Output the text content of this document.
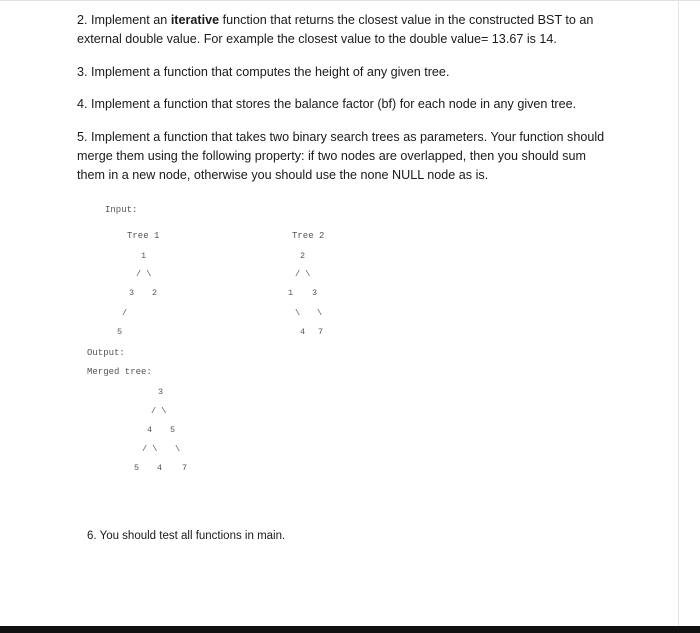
2. Implement an iterative function that returns the closest value in the constructed BST to an
external double value. For example the closest value to the double value= 13.67 is 14.
3. Implement a function that computes the height of any given tree.
4. Implement a function that stores the balance factor (bf) for each node in any given tree.
5. Implement a function that takes two binary search trees as parameters. Your function should
merge them using the following property: if two nodes are overlapped, then you should sum
them in a new node, otherwise you should use the none NULL node as is.
Input:
Tree 1
1
/ \
3 2
/
5
Tree 2
2
/ \
1 3
\ \
4 7
Output:
Merged tree:
3
/ \
4 5
/ \ \
5 4 7
6. You should test all functions in main.
